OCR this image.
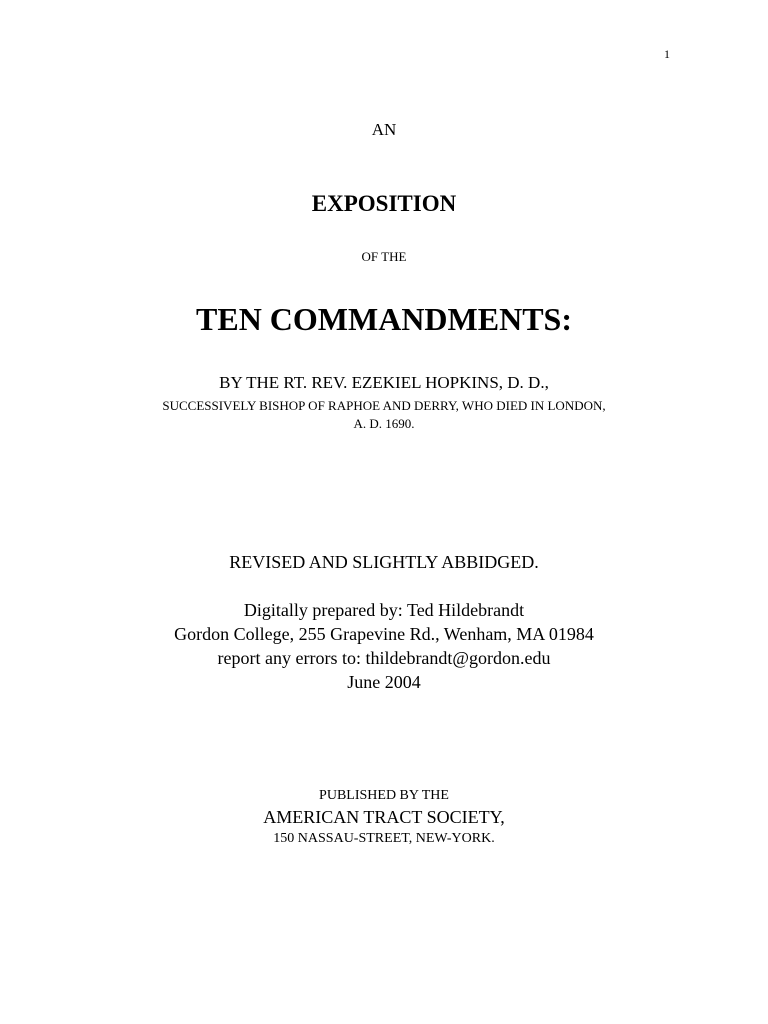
1
AN
EXPOSITION
OF THE
TEN COMMANDMENTS:
BY THE RT. REV. EZEKIEL HOPKINS, D. D.,
SUCCESSIVELY BISHOP OF RAPHOE AND DERRY, WHO DIED IN LONDON,
A. D. 1690.
REVISED AND SLIGHTLY ABBIDGED.
Digitally prepared by: Ted Hildebrandt
Gordon College, 255 Grapevine Rd., Wenham, MA 01984
report any errors to: thildebrandt@gordon.edu
June 2004
PUBLISHED BY THE
AMERICAN TRACT SOCIETY,
150 NASSAU-STREET, NEW-YORK.
